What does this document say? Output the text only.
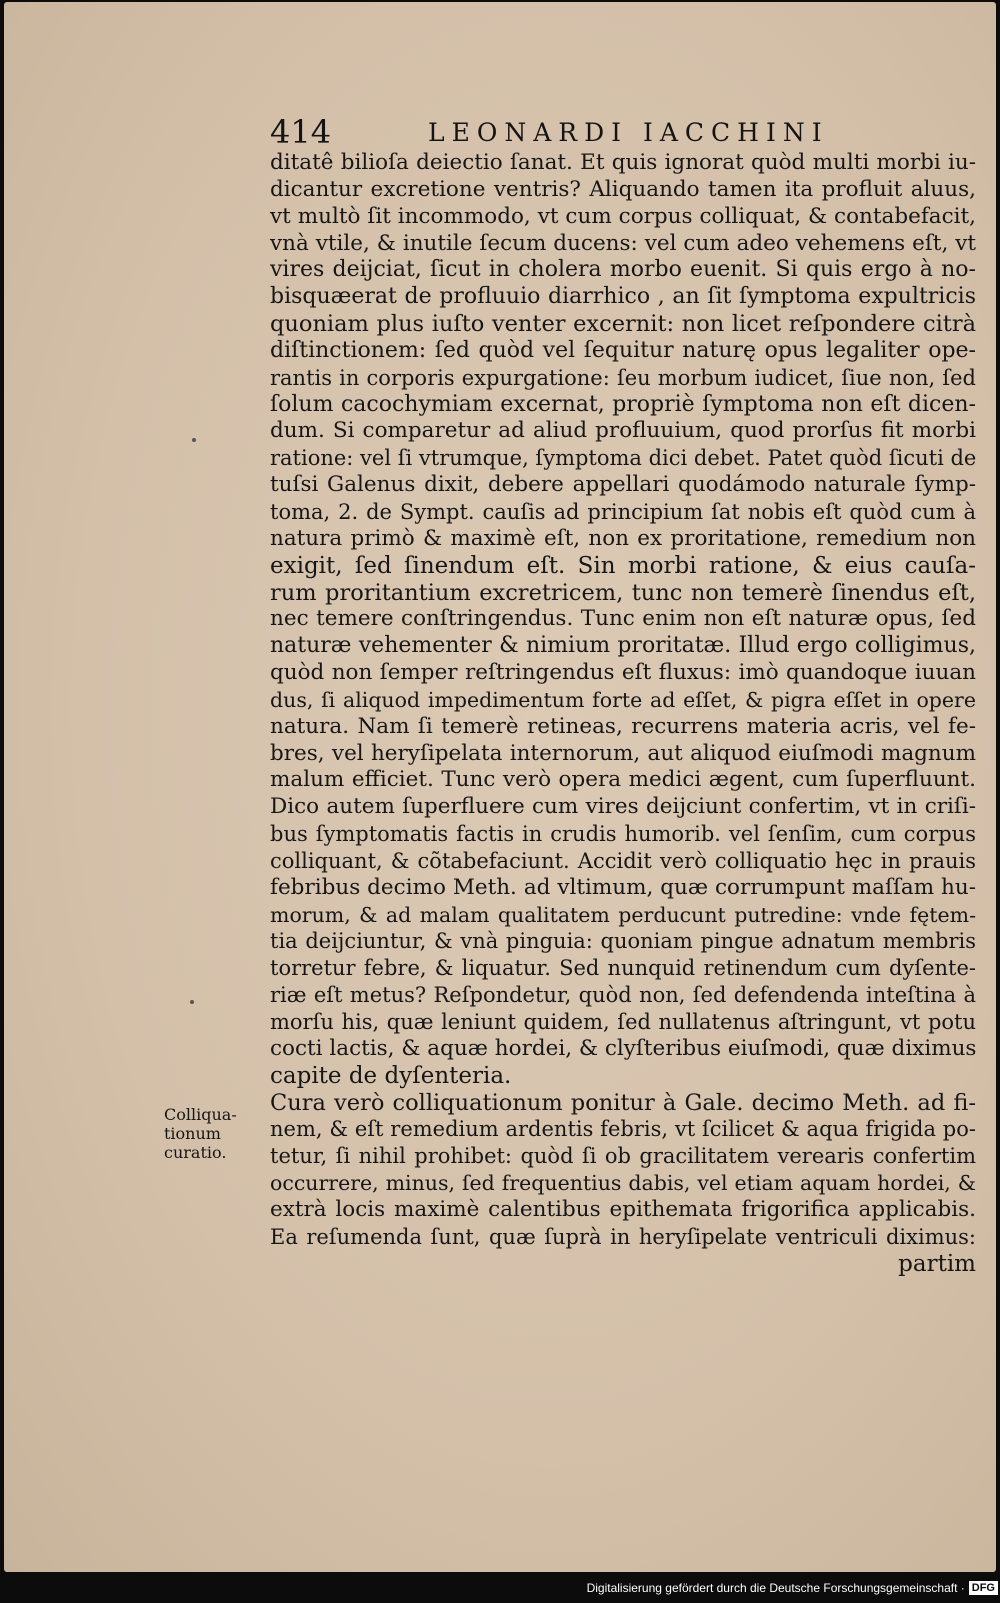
414	LEONARDI IACCHINI
ditatê bilioſa deiectio ſanat. Et quis ignorat quòd multi morbi iu-
dicantur excretione ventris? Aliquando tamen ita profluit aluus,
vt multò ſit incommodo, vt cum corpus colliquat, & contabefacit,
vnà vtile, & inutile ſecum ducens: vel cum adeo vehemens eſt, vt
vires deijciat, ſicut in cholera morbo euenit. Si quis ergo à no-
bisquæerat de profluuio diarrhico , an ſit ſymptoma expultricis
quoniam plus iuſto venter excernit: non licet reſpondere citrà
diſtinctionem: ſed quòd vel ſequitur naturę opus legaliter ope-
rantis in corporis expurgatione: ſeu morbum iudicet, ſiue non, ſed
ſolum cacochymiam excernat, propriè ſymptoma non eſt dicen-
dum. Si comparetur ad aliud profluuium, quod prorſus fit morbi
ratione: vel ſi vtrumque, ſymptoma dici debet. Patet quòd ſicuti de
tuſsi Galenus dixit, debere appellari quodámodo naturale ſymp-
toma, 2. de Sympt. cauſis ad principium ſat nobis eſt quòd cum à
natura primò & maximè eſt, non ex proritatione, remedium non
exigit, ſed ſinendum eſt. Sin morbi ratione, & eius cauſa-
rum proritantium excretricem, tunc non temerè ſinendus eſt,
nec temere conſtringendus. Tunc enim non eſt naturæ opus, ſed
naturæ vehementer & nimium proritatæ. Illud ergo colligimus,
quòd non ſemper reſtringendus eſt fluxus: imò quandoque iuuan
dus, ſi aliquod impedimentum forte ad eſſet, & pigra eſſet in opere
natura. Nam ſi temerè retineas, recurrens materia acris, vel fe-
bres, vel heryſipelata internorum, aut aliquod eiuſmodi magnum
malum efficiet. Tunc verò opera medici ægent, cum ſuperfluunt.
Dico autem ſuperfluere cum vires deijciunt confertim, vt in criſi-
bus ſymptomatis factis in crudis humorib. vel ſenſim, cum corpus
colliquant, & cõtabefaciunt. Accidit verò colliquatio hęc in prauis
febribus decimo Meth. ad vltimum, quæ corrumpunt maſſam hu-
morum, & ad malam qualitatem perducunt putredine: vnde fętem-
tia deijciuntur, & vnà pinguia: quoniam pingue adnatum membris
torretur febre, & liquatur. Sed nunquid retinendum cum dyſente-
riæ eſt metus? Reſpondetur, quòd non, ſed defendenda inteſtina à
morſu his, quæ leniunt quidem, ſed nullatenus aſtringunt, vt potu
cocti lactis, & aquæ hordei, & clyſteribus eiuſmodi, quæ diximus
capite de dyſenteria.
Cura verò colliquationum ponitur à Gale. decimo Meth. ad fi-
nem, & eſt remedium ardentis febris, vt ſcilicet & aqua frigida po-
tetur, ſi nihil prohibet: quòd ſi ob gracilitatem verearis confertim
occurrere, minus, ſed frequentius dabis, vel etiam aquam hordei, &
extrà locis maximè calentibus epithemata frigorifica applicabis.
Ea reſumenda ſunt, quæ ſuprà in heryſipelate ventriculi diximus:
partim
Colliqua-
tionum
curatio.
Digitalisierung gefördert durch die Deutsche Forschungsgemeinschaft · DFG
